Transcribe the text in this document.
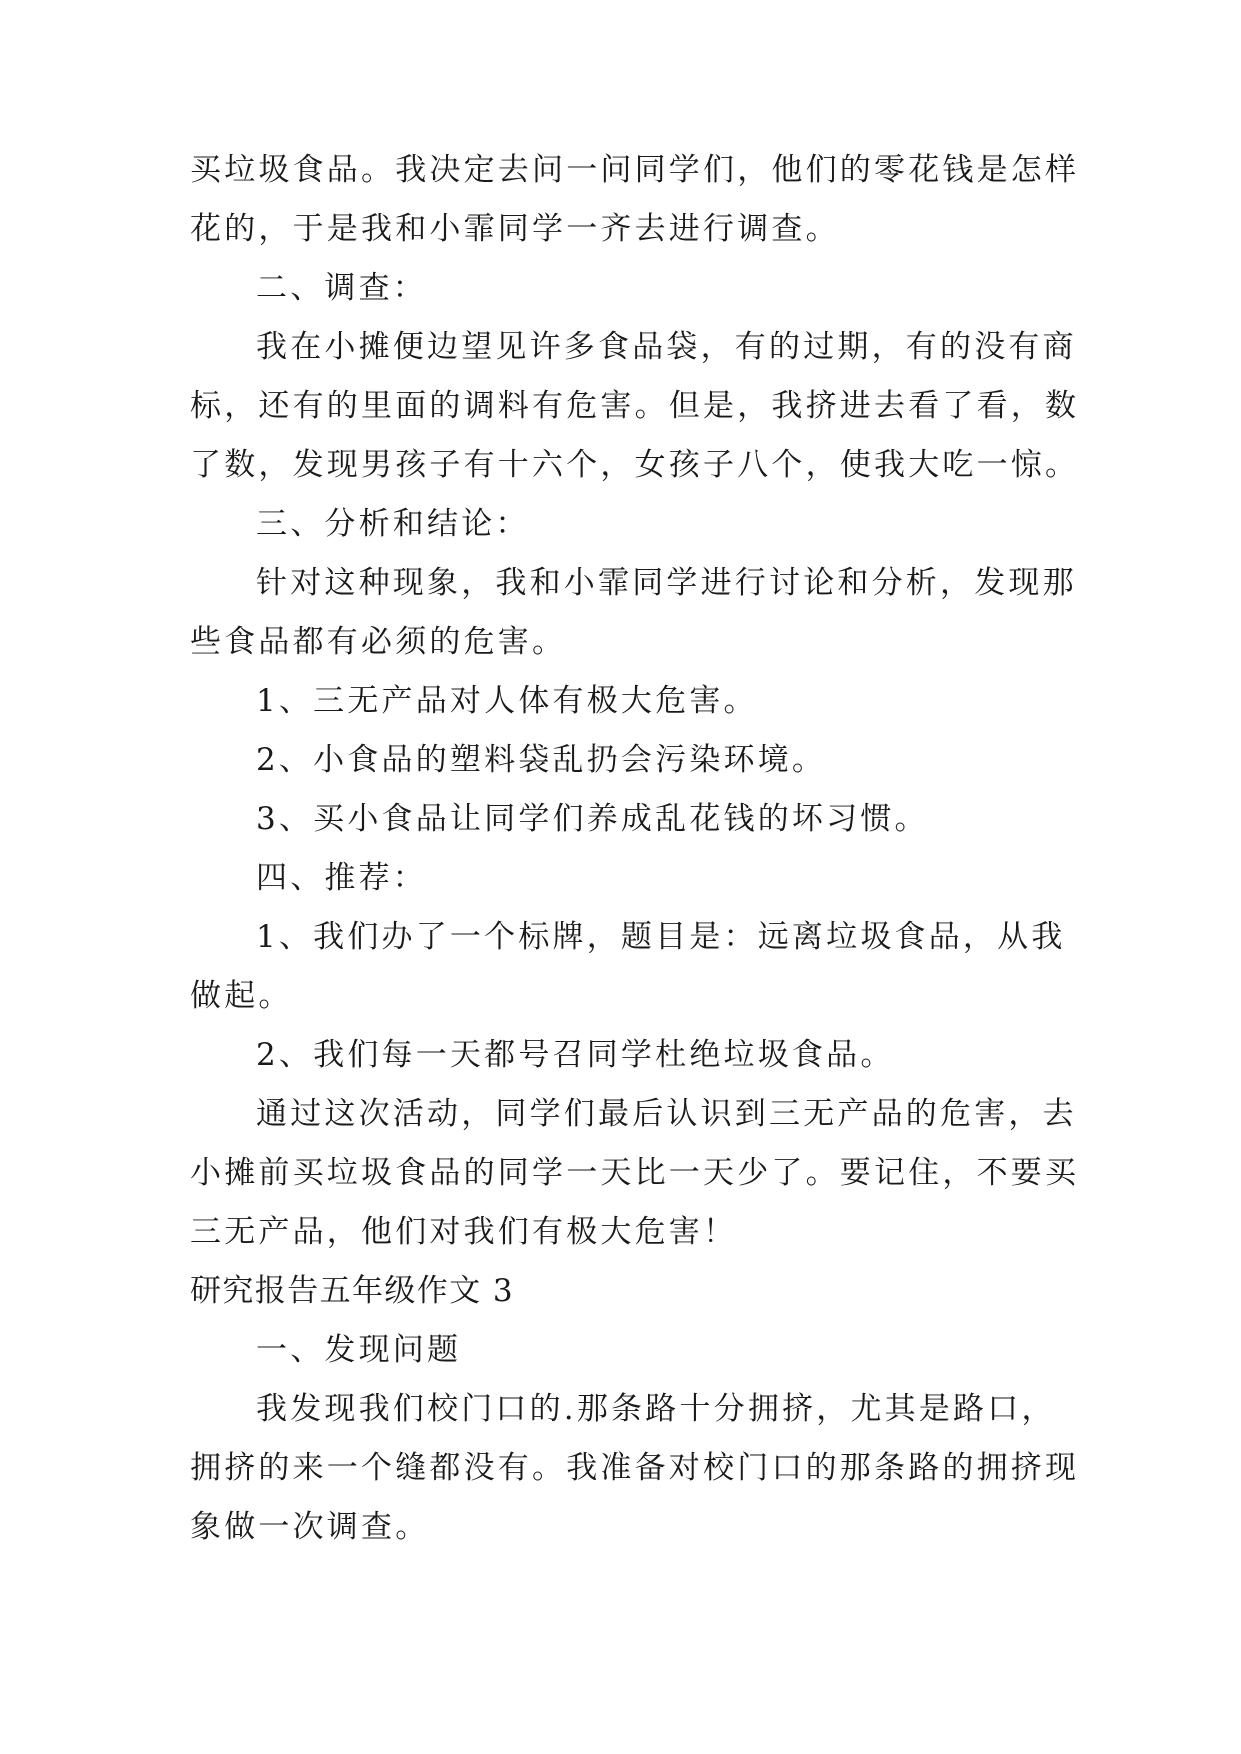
买垃圾食品。我决定去问一问同学们，他们的零花钱是怎样
花的，于是我和小霏同学一齐去进行调查。
二、调查：
我在小摊便边望见许多食品袋，有的过期，有的没有商
标，还有的里面的调料有危害。但是，我挤进去看了看，数
了数，发现男孩子有十六个，女孩子八个，使我大吃一惊。
三、分析和结论：
针对这种现象，我和小霏同学进行讨论和分析，发现那
些食品都有必须的危害。
1、三无产品对人体有极大危害。
2、小食品的塑料袋乱扔会污染环境。
3、买小食品让同学们养成乱花钱的坏习惯。
四、推荐：
1、我们办了一个标牌，题目是：远离垃圾食品，从我
做起。
2、我们每一天都号召同学杜绝垃圾食品。
通过这次活动，同学们最后认识到三无产品的危害，去
小摊前买垃圾食品的同学一天比一天少了。要记住，不要买
三无产品，他们对我们有极大危害！
研究报告五年级作文 3
一、发现问题
我发现我们校门口的.那条路十分拥挤，尤其是路口，
拥挤的来一个缝都没有。我准备对校门口的那条路的拥挤现
象做一次调查。
